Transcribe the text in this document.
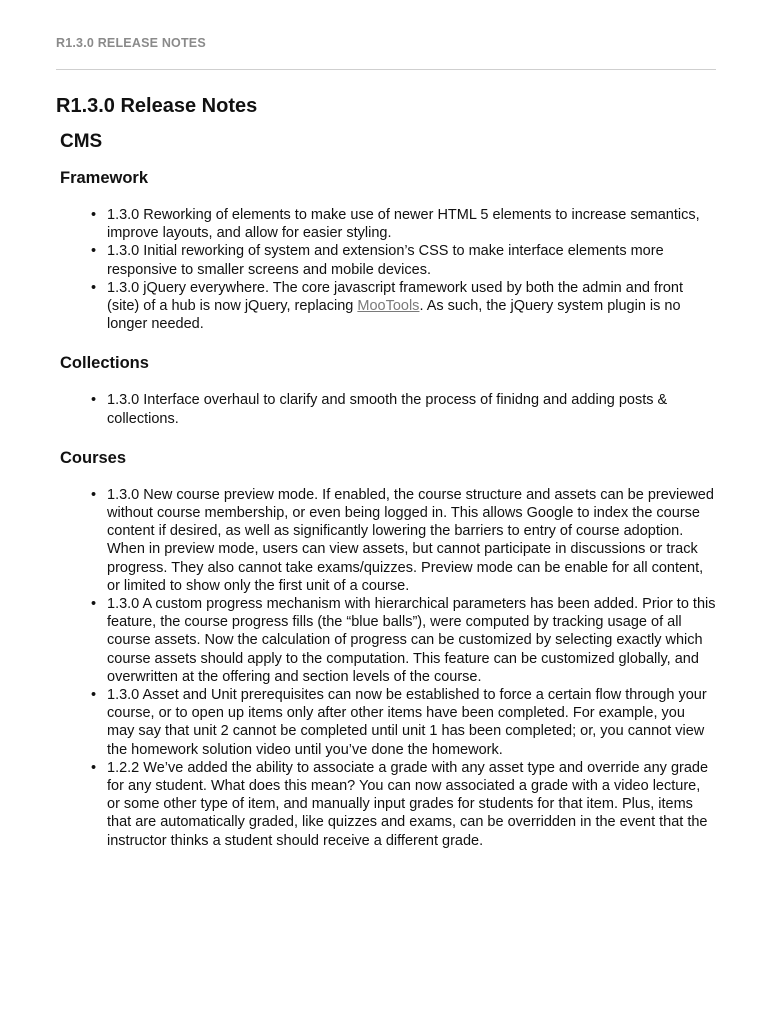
R1.3.0 RELEASE NOTES
R1.3.0 Release Notes
CMS
Framework
• 1.3.0 Reworking of elements to make use of newer HTML 5 elements to increase semantics, improve layouts, and allow for easier styling.
• 1.3.0 Initial reworking of system and extension’s CSS to make interface elements more responsive to smaller screens and mobile devices.
• 1.3.0 jQuery everywhere. The core javascript framework used by both the admin and front (site) of a hub is now jQuery, replacing MooTools. As such, the jQuery system plugin is no longer needed.
Collections
• 1.3.0 Interface overhaul to clarify and smooth the process of finidng and adding posts & collections.
Courses
• 1.3.0 New course preview mode. If enabled, the course structure and assets can be previewed without course membership, or even being logged in. This allows Google to index the course content if desired, as well as significantly lowering the barriers to entry of course adoption. When in preview mode, users can view assets, but cannot participate in discussions or track progress. They also cannot take exams/quizzes. Preview mode can be enable for all content, or limited to show only the first unit of a course.
• 1.3.0 A custom progress mechanism with hierarchical parameters has been added. Prior to this feature, the course progress fills (the “blue balls”), were computed by tracking usage of all course assets. Now the calculation of progress can be customized by selecting exactly which course assets should apply to the computation. This feature can be customized globally, and overwritten at the offering and section levels of the course.
• 1.3.0 Asset and Unit prerequisites can now be established to force a certain flow through your course, or to open up items only after other items have been completed. For example, you may say that unit 2 cannot be completed until unit 1 has been completed; or, you cannot view the homework solution video until you’ve done the homework.
• 1.2.2 We’ve added the ability to associate a grade with any asset type and override any grade for any student. What does this mean? You can now associated a grade with a video lecture, or some other type of item, and manually input grades for students for that item. Plus, items that are automatically graded, like quizzes and exams, can be overridden in the event that the instructor thinks a student should receive a different grade.
